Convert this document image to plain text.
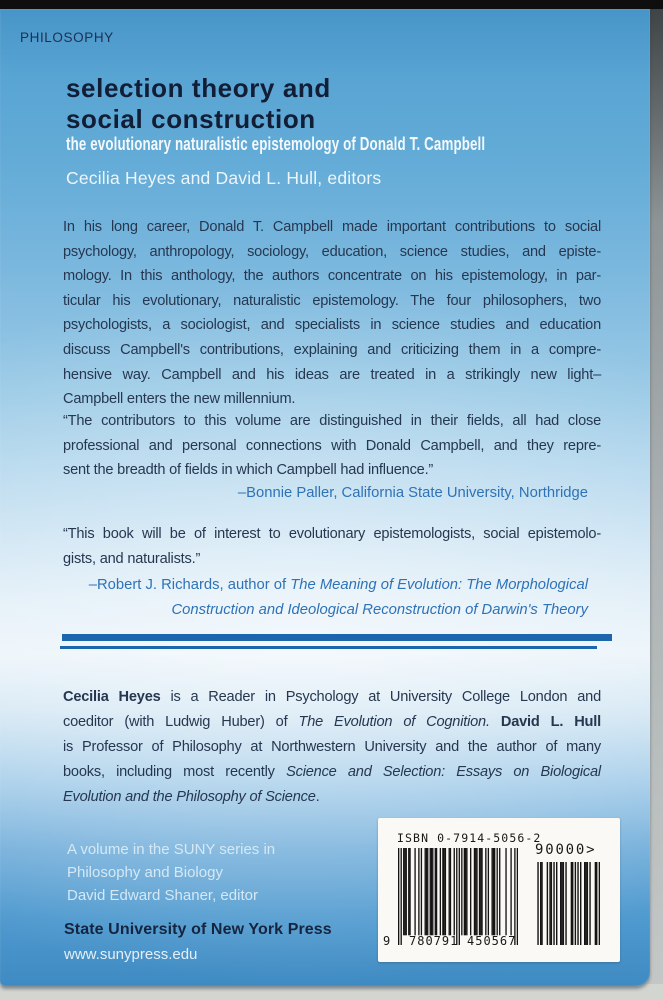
PHILOSOPHY
selection theory and
social construction
the evolutionary naturalistic epistemology of Donald T. Campbell
Cecilia Heyes and David L. Hull, editors
In his long career, Donald T. Campbell made important contributions to social
psychology, anthropology, sociology, education, science studies, and episte-
mology. In this anthology, the authors concentrate on his epistemology, in par-
ticular his evolutionary, naturalistic epistemology. The four philosophers, two
psychologists, a sociologist, and specialists in science studies and education
discuss Campbell's contributions, explaining and criticizing them in a compre-
hensive way. Campbell and his ideas are treated in a strikingly new light–
Campbell enters the new millennium.
“The contributors to this volume are distinguished in their fields, all had close
professional and personal connections with Donald Campbell, and they repre-
sent the breadth of fields in which Campbell had influence.”
–Bonnie Paller, California State University, Northridge
“This book will be of interest to evolutionary epistemologists, social epistemolo-
gists, and naturalists.”
–Robert J. Richards, author of The Meaning of Evolution: The Morphological
Construction and Ideological Reconstruction of Darwin's Theory
Cecilia Heyes is a Reader in Psychology at University College London and
coeditor (with Ludwig Huber) of The Evolution of Cognition. David L. Hull
is Professor of Philosophy at Northwestern University and the author of many
books, including most recently Science and Selection: Essays on Biological
Evolution and the Philosophy of Science.
A volume in the SUNY series in
Philosophy and Biology
David Edward Shaner, editor
State University of New York Press
www.sunypress.edu
ISBN 0-7914-5056-2
9 780791 450567
90000>
